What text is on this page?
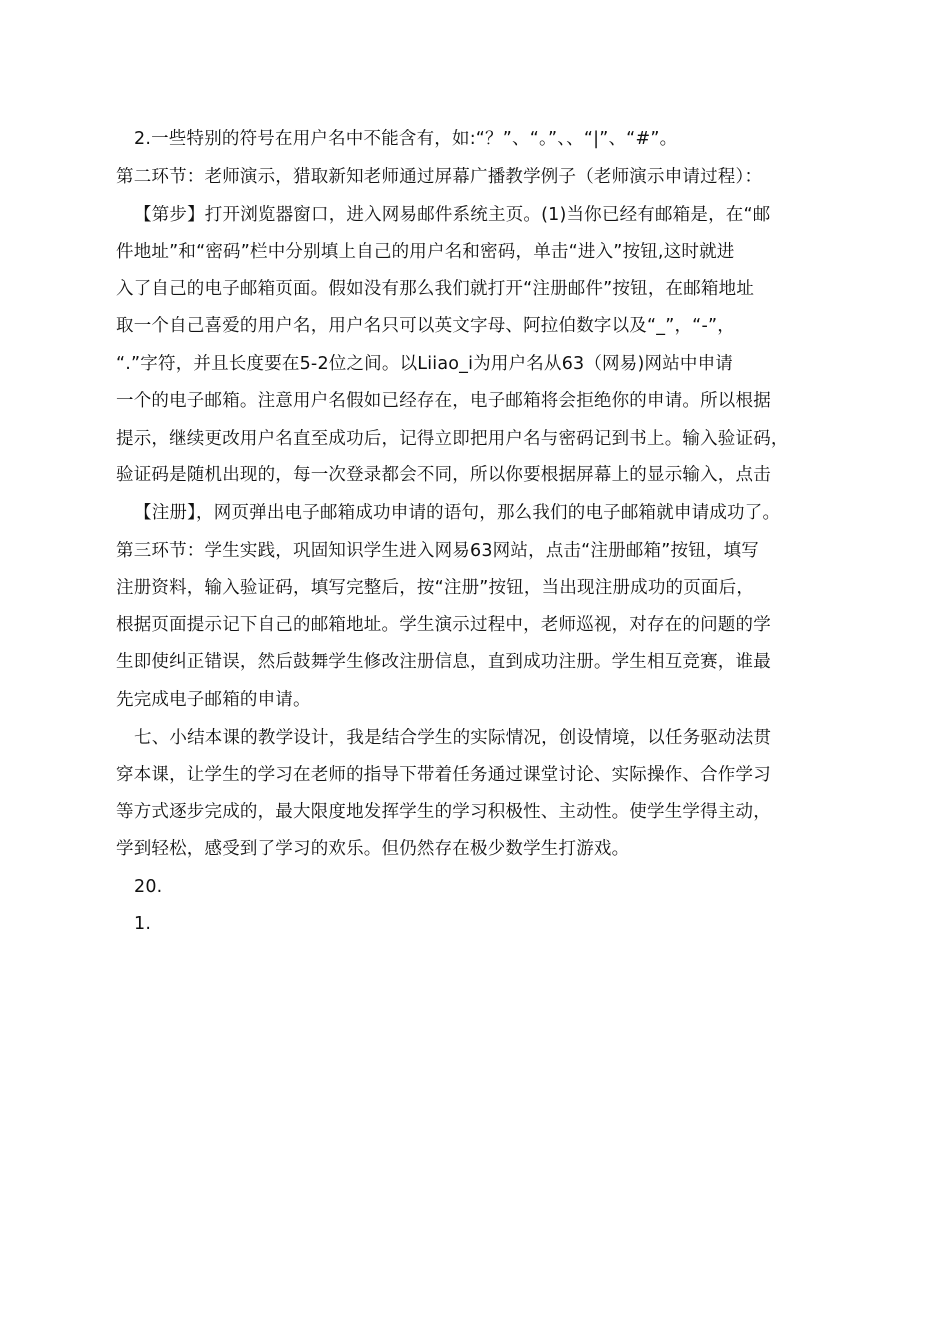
2.一些特别的符号在用户名中不能含有，如:“？”、“。”、、“|”、“#”。
第二环节：老师演示，猎取新知老师通过屏幕广播教学例子（老师演示申请过程）：
【第步】打开浏览器窗口，进入网易邮件系统主页。(1)当你已经有邮箱是，在“邮
件地址”和“密码”栏中分别填上自己的用户名和密码，单击“进入”按钮,这时就进
入了自己的电子邮箱页面。假如没有那么我们就打开“注册邮件”按钮，在邮箱地址
取一个自己喜爱的用户名，用户名只可以英文字母、阿拉伯数字以及“_”，“-”，
“.”字符，并且长度要在5-2位之间。以Liiao_i为用户名从63（网易)网站中申请
一个的电子邮箱。注意用户名假如已经存在，电子邮箱将会拒绝你的申请。所以根据
提示，继续更改用户名直至成功后，记得立即把用户名与密码记到书上。输入验证码，
验证码是随机出现的，每一次登录都会不同，所以你要根据屏幕上的显示输入，点击
【注册】，网页弹出电子邮箱成功申请的语句，那么我们的电子邮箱就申请成功了。
第三环节：学生实践，巩固知识学生进入网易63网站，点击“注册邮箱”按钮，填写
注册资料，输入验证码，填写完整后，按“注册”按钮，当出现注册成功的页面后，
根据页面提示记下自己的邮箱地址。学生演示过程中，老师巡视，对存在的问题的学
生即使纠正错误，然后鼓舞学生修改注册信息，直到成功注册。学生相互竞赛，谁最
先完成电子邮箱的申请。
七、小结本课的教学设计，我是结合学生的实际情况，创设情境，以任务驱动法贯
穿本课，让学生的学习在老师的指导下带着任务通过课堂讨论、实际操作、合作学习
等方式逐步完成的，最大限度地发挥学生的学习积极性、主动性。使学生学得主动，
学到轻松，感受到了学习的欢乐。但仍然存在极少数学生打游戏。
20.
1.
